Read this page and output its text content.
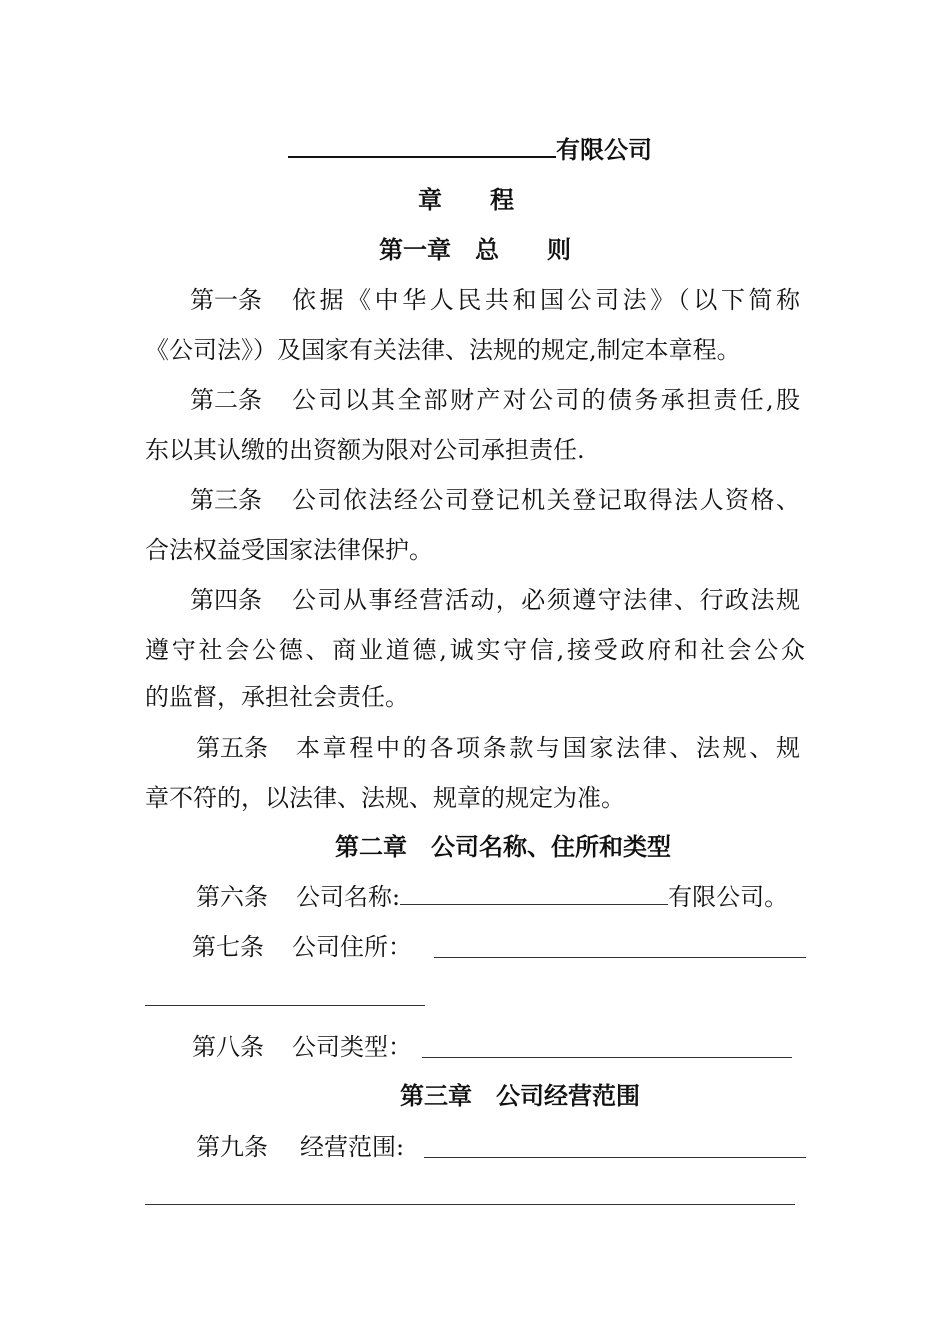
有限公司
章　　程
第一章　总　　则
第一条 依据《中华人民共和国公司法》（以下简称
《公司法》）及国家有关法律、法规的规定,制定本章程。
第二条 公司以其全部财产对公司的债务承担责任,股
东以其认缴的出资额为限对公司承担责任.
第三条 公司依法经公司登记机关登记取得法人资格、
合法权益受国家法律保护。
第四条 公司从事经营活动，必须遵守法律、行政法规
遵守社会公德、商业道德,诚实守信,接受政府和社会公众
的监督，承担社会责任。
第五条 本章程中的各项条款与国家法律、法规、规
章不符的，以法律、法规、规章的规定为准。
第二章　公司名称、住所和类型
第六条 公司名称:	有限公司。
第七条 公司住所：
第八条 公司类型：
第三章　公司经营范围
第九条 经营范围:
